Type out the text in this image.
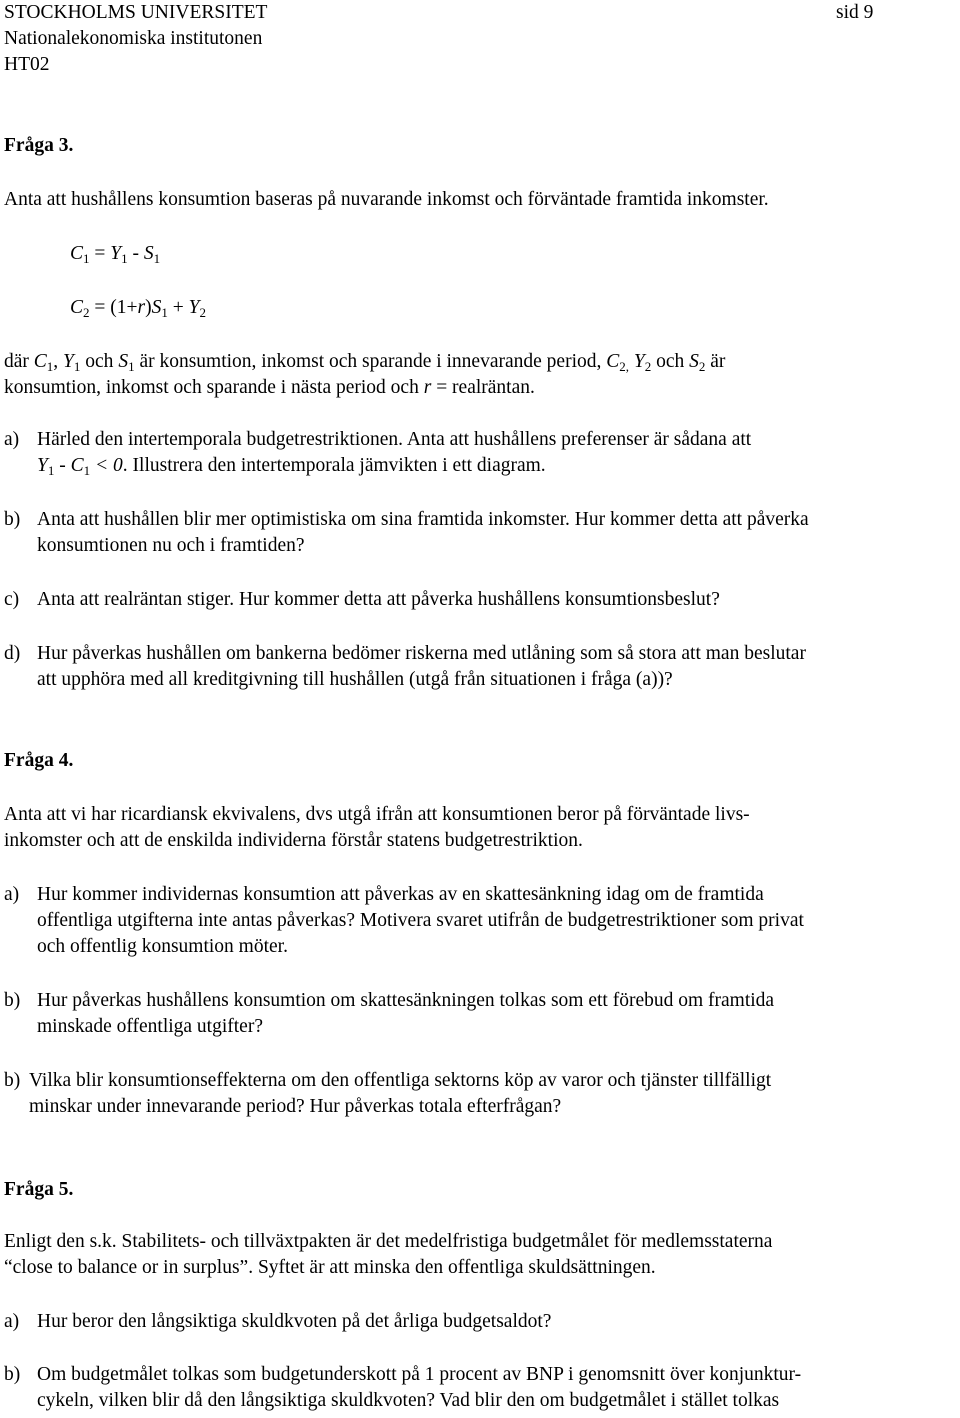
STOCKHOLMS UNIVERSITET	sid 9
Nationalekonomiska institutonen
HT02
Fråga 3.
Anta att hushållens konsumtion baseras på nuvarande inkomst och förväntade framtida inkomster.
$C_1 = Y_1 - S_1$
$C_2 = (1+r)S_1 + Y_2$
där $C_1$, $Y_1$ och $S_1$ är konsumtion, inkomst och sparande i innevarande period, $C_{2,}$ $Y_2$ och $S_2$ är
konsumtion, inkomst och sparande i nästa period och r = realräntan.
a) Härled den intertemporala budgetrestriktionen. Anta att hushållens preferenser är sådana att
$Y_1 - C_1 < 0$. Illustrera den intertemporala jämvikten i ett diagram.
b) Anta att hushållen blir mer optimistiska om sina framtida inkomster. Hur kommer detta att påverka
konsumtionen nu och i framtiden?
c) Anta att realräntan stiger. Hur kommer detta att påverka hushållens konsumtionsbeslut?
d) Hur påverkas hushållen om bankerna bedömer riskerna med utlåning som så stora att man beslutar
att upphöra med all kreditgivning till hushållen (utgå från situationen i fråga (a))?
Fråga 4.
Anta att vi har ricardiansk ekvivalens, dvs utgå ifrån att konsumtionen beror på förväntade livs-
inkomster och att de enskilda individerna förstår statens budgetrestriktion.
a) Hur kommer individernas konsumtion att påverkas av en skattesänkning idag om de framtida
offentliga utgifterna inte antas påverkas? Motivera svaret utifrån de budgetrestriktioner som privat
och offentlig konsumtion möter.
b) Hur påverkas hushållens konsumtion om skattesänkningen tolkas som ett förebud om framtida
minskade offentliga utgifter?
b) Vilka blir konsumtionseffekterna om den offentliga sektorns köp av varor och tjänster tillfälligt
minskar under innevarande period? Hur påverkas totala efterfrågan?
Fråga 5.
Enligt den s.k. Stabilitets- och tillväxtpakten är det medelfristiga budgetmålet för medlemsstaterna
“close to balance or in surplus”. Syftet är att minska den offentliga skuldsättningen.
a) Hur beror den långsiktiga skuldkvoten på det årliga budgetsaldot?
b) Om budgetmålet tolkas som budgetunderskott på 1 procent av BNP i genomsnitt över konjunktur-
cykeln, vilken blir då den långsiktiga skuldkvoten? Vad blir den om budgetmålet i stället tolkas
